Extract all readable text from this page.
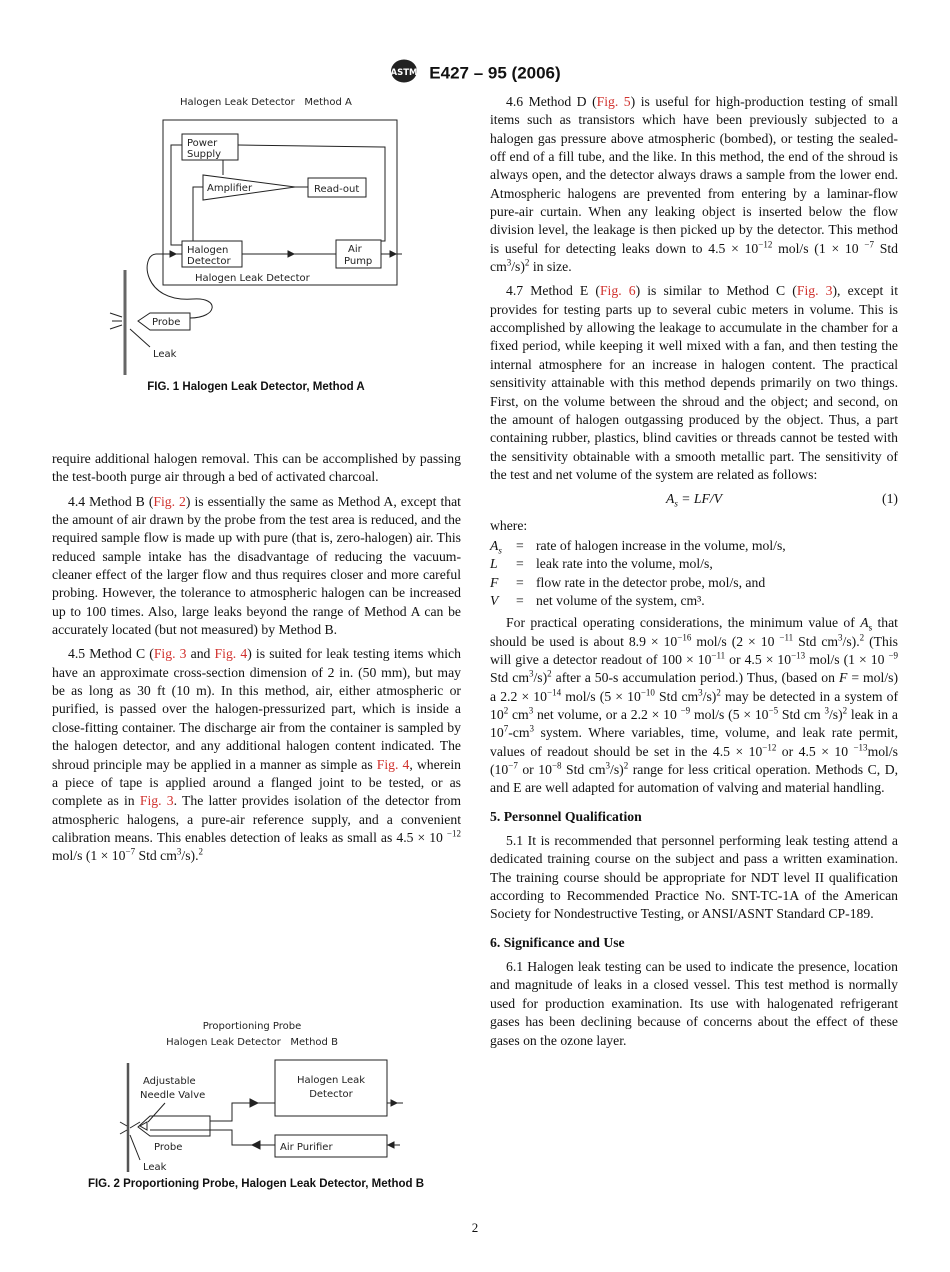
ASTM E427 – 95 (2006)
Halogen Leak Detector   Method A
Power
Supply
Amplifier	Read-out
Halogen
Detector
Air
Pump
Halogen Leak Detector
Probe
Leak
FIG. 1 Halogen Leak Detector, Method A

require additional halogen removal. This can be accomplished by passing the test-booth purge air through a bed of activated charcoal.

4.4 Method B (Fig. 2) is essentially the same as Method A, except that the amount of air drawn by the probe from the test area is reduced, and the required sample flow is made up with pure (that is, zero-halogen) air. This reduced sample intake has the disadvantage of reducing the vacuum-cleaner effect of the larger flow and thus requires closer and more careful probing. However, the tolerance to atmospheric halogen can be increased up to 100 times. Also, large leaks beyond the range of Method A can be accurately located (but not measured) by Method B.

4.5 Method C (Fig. 3 and Fig. 4) is suited for leak testing items which have an approximate cross-section dimension of 2 in. (50 mm), but may be as long as 30 ft (10 m). In this method, air, either atmospheric or purified, is passed over the halogen-pressurized part, which is inside a close-fitting container. The discharge air from the container is sampled by the halogen detector, and any additional halogen content indicated. The shroud principle may be applied in a manner as simple as Fig. 4, wherein a piece of tape is applied around a flanged joint to be tested, or as complete as in Fig. 3. The latter provides isolation of the detector from atmospheric halogens, a pure-air reference supply, and a convenient calibration means. This enables detection of leaks as small as 4.5 × 10 $^{-12}$ mol/s ($1 \times 10^{-7}$ Std $cm^3/s).^2$

Proportioning Probe
Halogen Leak Detector   Method B
Adjustable
Needle Valve
Probe
Halogen Leak
Detector
Air Purifier
Leak
FIG. 2 Proportioning Probe, Halogen Leak Detector, Method B

4.6 Method D (Fig. 5) is useful for high-production testing of small items such as transistors which have been previously subjected to a halogen gas pressure above atmospheric (bombed), or testing the sealed-off end of a fill tube, and the like. In this method, the end of the shroud is always open, and the detector always draws a sample from the lower end. Atmospheric halogens are prevented from entering by a laminar-flow pure-air curtain. When any leaking object is inserted below the flow division level, the leakage is then picked up by the detector. This method is useful for detecting leaks down to $4.5 \times 10^{-12}$ mol/s (1 × 10 $^{-7}$ Std $cm^3/s)^2$ in size.

4.7 Method E (Fig. 6) is similar to Method C (Fig. 3), except it provides for testing parts up to several cubic meters in volume. This is accomplished by allowing the leakage to accumulate in the chamber for a fixed period, while keeping it well mixed with a fan, and then testing the internal atmosphere for an increase in halogen content. The practical sensitivity attainable with this method depends primarily on two things. First, on the volume between the shroud and the object; and second, on the amount of halogen outgassing produced by the object. Thus, a part containing rubber, plastics, blind cavities or threads cannot be tested with the sensitivity obtainable with a smooth metallic part. The sensitivity of the test and net volume of the system are related as follows:

$A_s = LF/V$	(1)
where:
$A_s$	= rate of halogen increase in the volume, mol/s,
L	= leak rate into the volume, mol/s,
F	= flow rate in the detector probe, mol/s, and
V	= net volume of the system, cm³.

For practical operating considerations, the minimum value of $A_s$ that should be used is about $8.9 \times 10^{-16}$ mol/s (2 × 10 $^{-11}$ Std $cm^3/s).^2$ (This will give a detector readout of $100 \times 10^{-11}$ or $4.5 \times 10^{-13}$ mol/s (1 × 10 $^{-9}$ Std $cm^3/s)^2$ after a 50-s accumulation period.) Thus, (based on F = mol/s) a $2.2 \times 10^{-14}$ mol/s ($5 \times 10^{-10}$ Std $cm^3/s)^2$ may be detected in a system of $10^2$ $cm^3$ net volume, or a 2.2 × 10 $^{-9}$ mol/s ($5 \times 10^{-5}$ Std cm $^3$/s)$^2$ leak in a $10^7-cm^3$ system. Where variables, time, volume, and leak rate permit, values of readout should be set in the $4.5 \times 10^{-12}$ or 4.5 × 10 $^{-13}$mol/s ($10^{-7}$ or $10^{-8}$ Std $cm^3/s)^2$ range for less critical operation. Methods C, D, and E are well adapted for automation of valving and material handling.

5. Personnel Qualification

5.1 It is recommended that personnel performing leak testing attend a dedicated training course on the subject and pass a written examination. The training course should be appropriate for NDT level II qualification according to Recommended Practice No. SNT-TC-1A of the American Society for Nondestructive Testing, or ANSI/ASNT Standard CP-189.

6. Significance and Use

6.1 Halogen leak testing can be used to indicate the presence, location and magnitude of leaks in a closed vessel. This test method is normally used for production examination. Its use with halogenated refrigerant gases has been declining because of concerns about the effect of these gases on the ozone layer.

2
